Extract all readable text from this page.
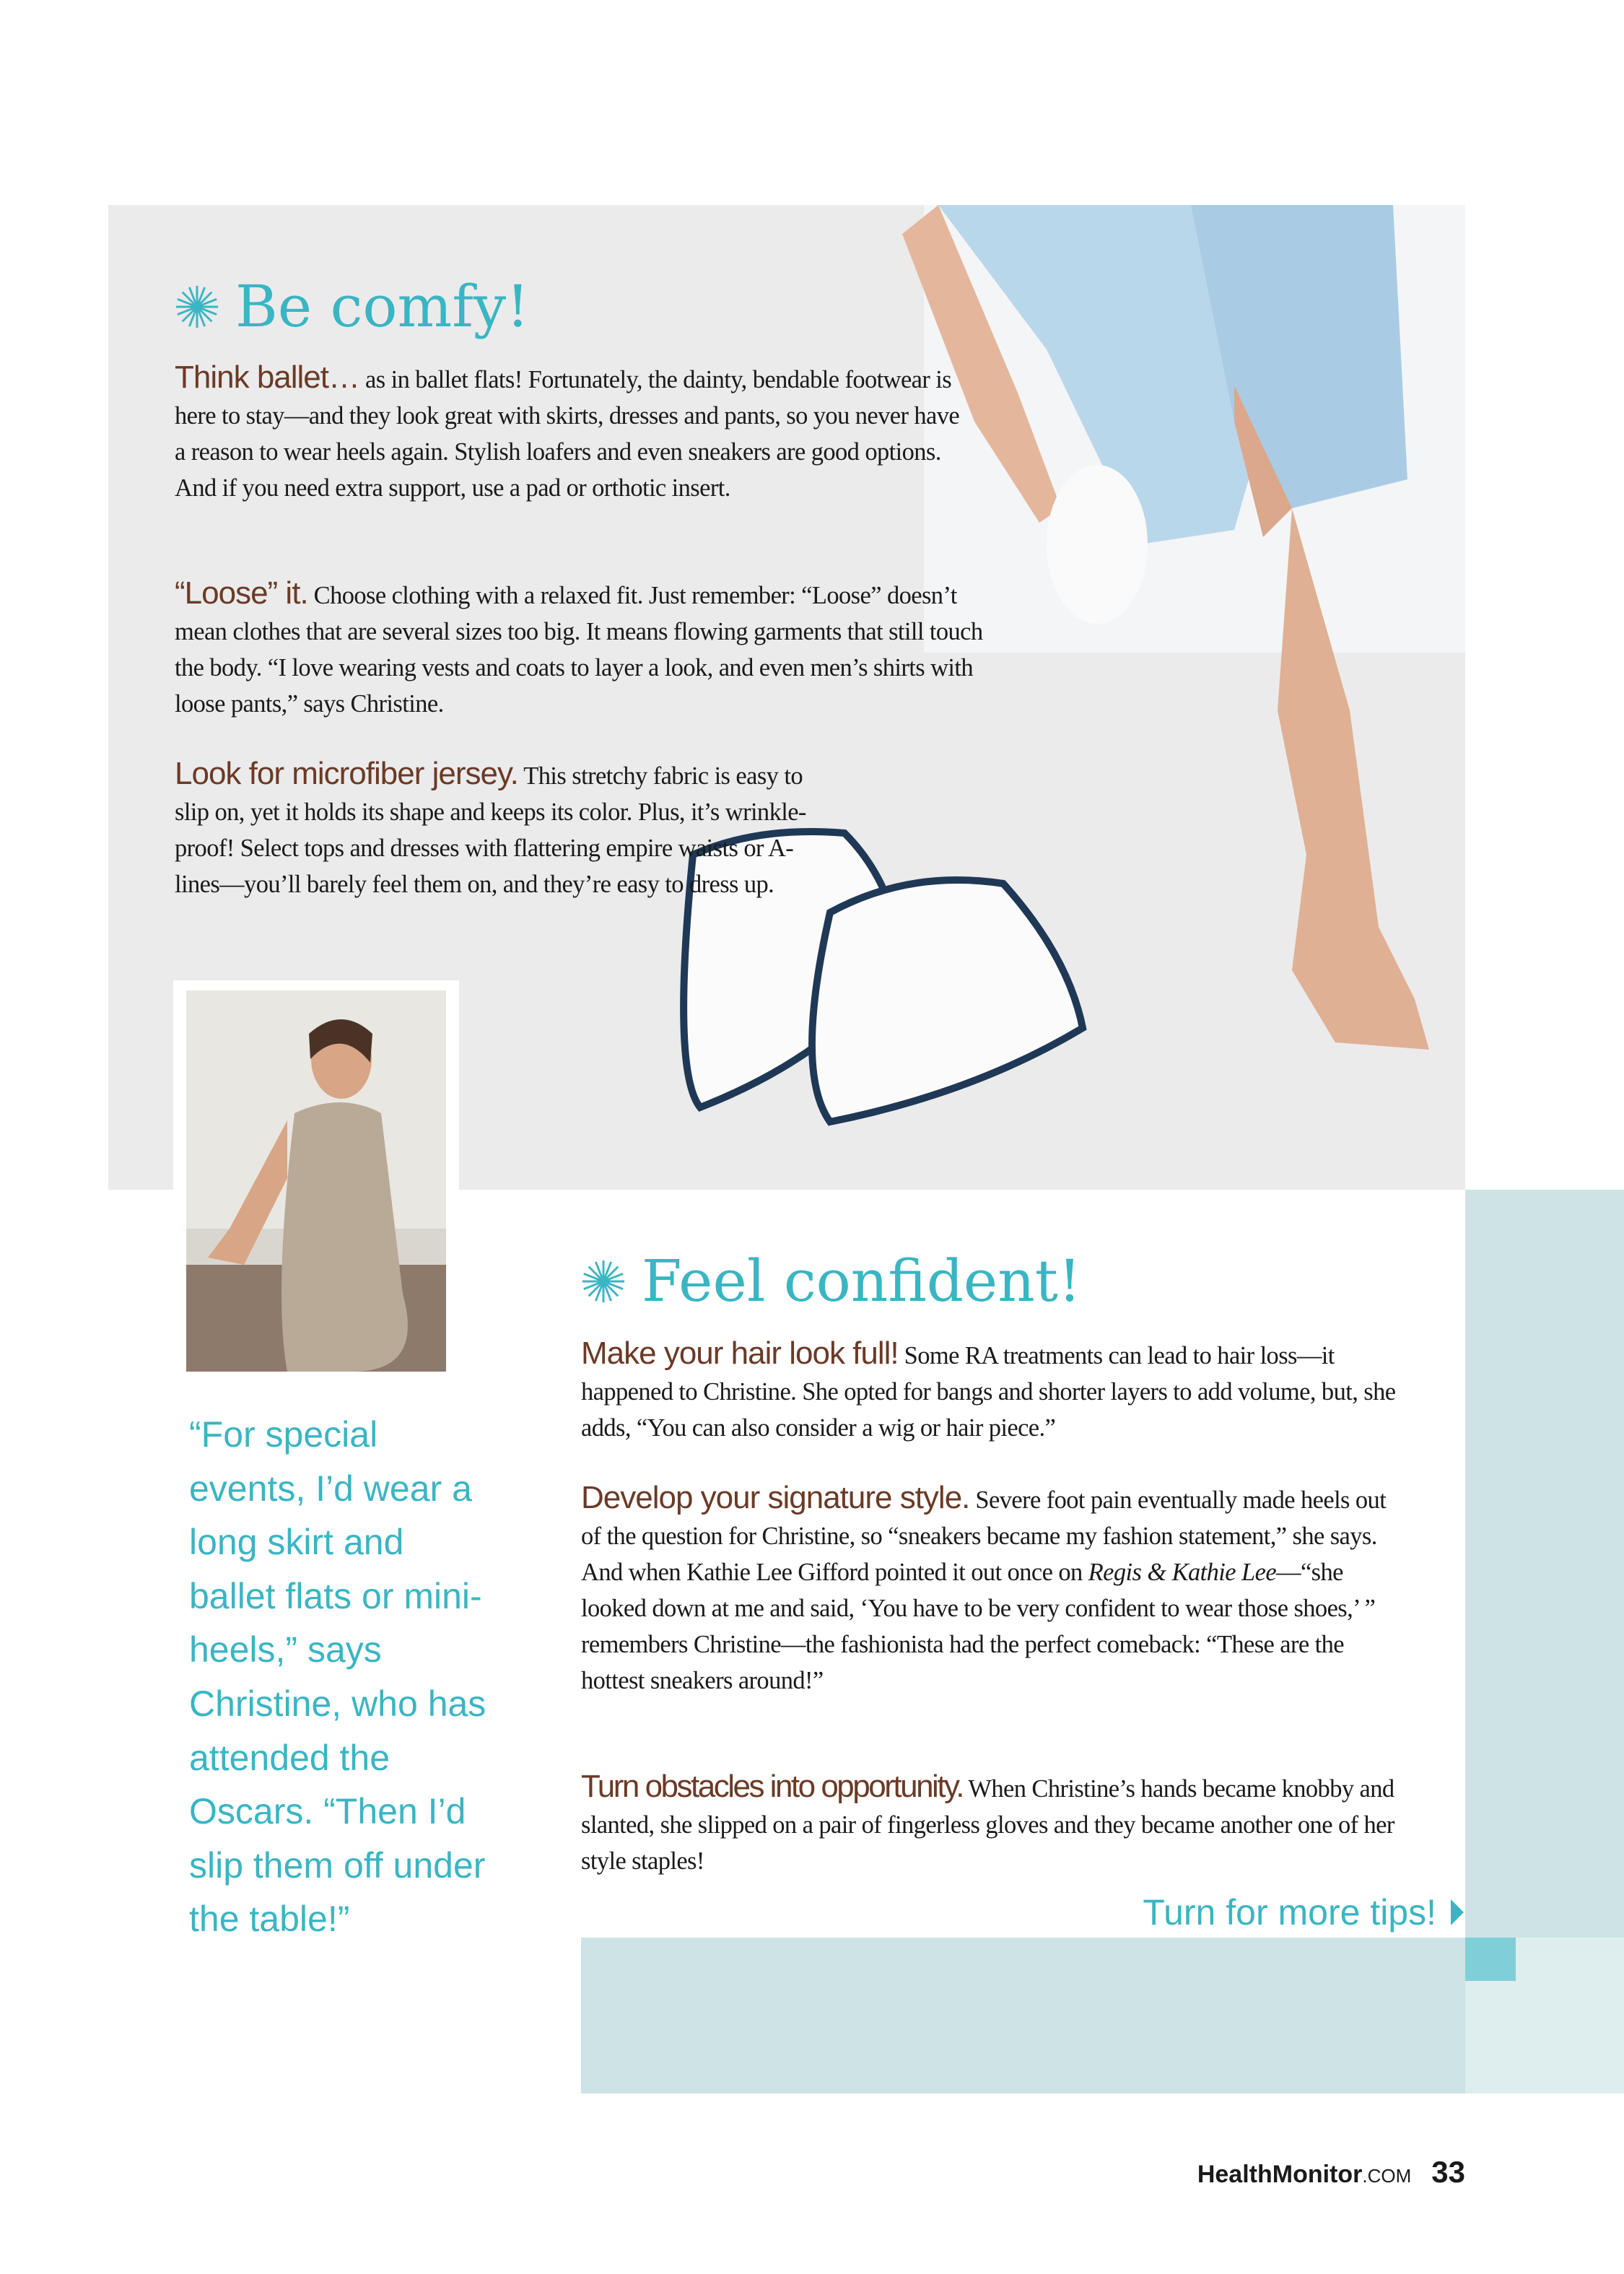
Be comfy!

Think ballet… as in ballet flats! Fortunately, the dainty, bendable footwear is here to stay—and they look great with skirts, dresses and pants, so you never have a reason to wear heels again. Stylish loafers and even sneakers are good options. And if you need extra support, use a pad or orthotic insert.

“Loose” it. Choose clothing with a relaxed fit. Just remember: “Loose” doesn’t mean clothes that are several sizes too big. It means flowing garments that still touch the body. “I love wearing vests and coats to layer a look, and even men’s shirts with loose pants,” says Christine.

Look for microfiber jersey. This stretchy fabric is easy to slip on, yet it holds its shape and keeps its color. Plus, it’s wrinkle-proof! Select tops and dresses with flattering empire waists or A-lines—you’ll barely feel them on, and they’re easy to dress up.

“For special events, I’d wear a long skirt and ballet flats or mini-heels,” says Christine, who has attended the Oscars. “Then I’d slip them off under the table!”
Feel confident!

Make your hair look full! Some RA treatments can lead to hair loss—it happened to Christine. She opted for bangs and shorter layers to add volume, but, she adds, “You can also consider a wig or hair piece.”

Develop your signature style. Severe foot pain eventually made heels out of the question for Christine, so “sneakers became my fashion statement,” she says. And when Kathie Lee Gifford pointed it out once on Regis & Kathie Lee—“she looked down at me and said, ‘You have to be very confident to wear those shoes,’ ” remembers Christine—the fashionista had the perfect comeback: “These are the hottest sneakers around!”

Turn obstacles into opportunity. When Christine’s hands became knobby and slanted, she slipped on a pair of fingerless gloves and they became another one of her style staples!

Turn for more tips!
HealthMonitor.COM 33
